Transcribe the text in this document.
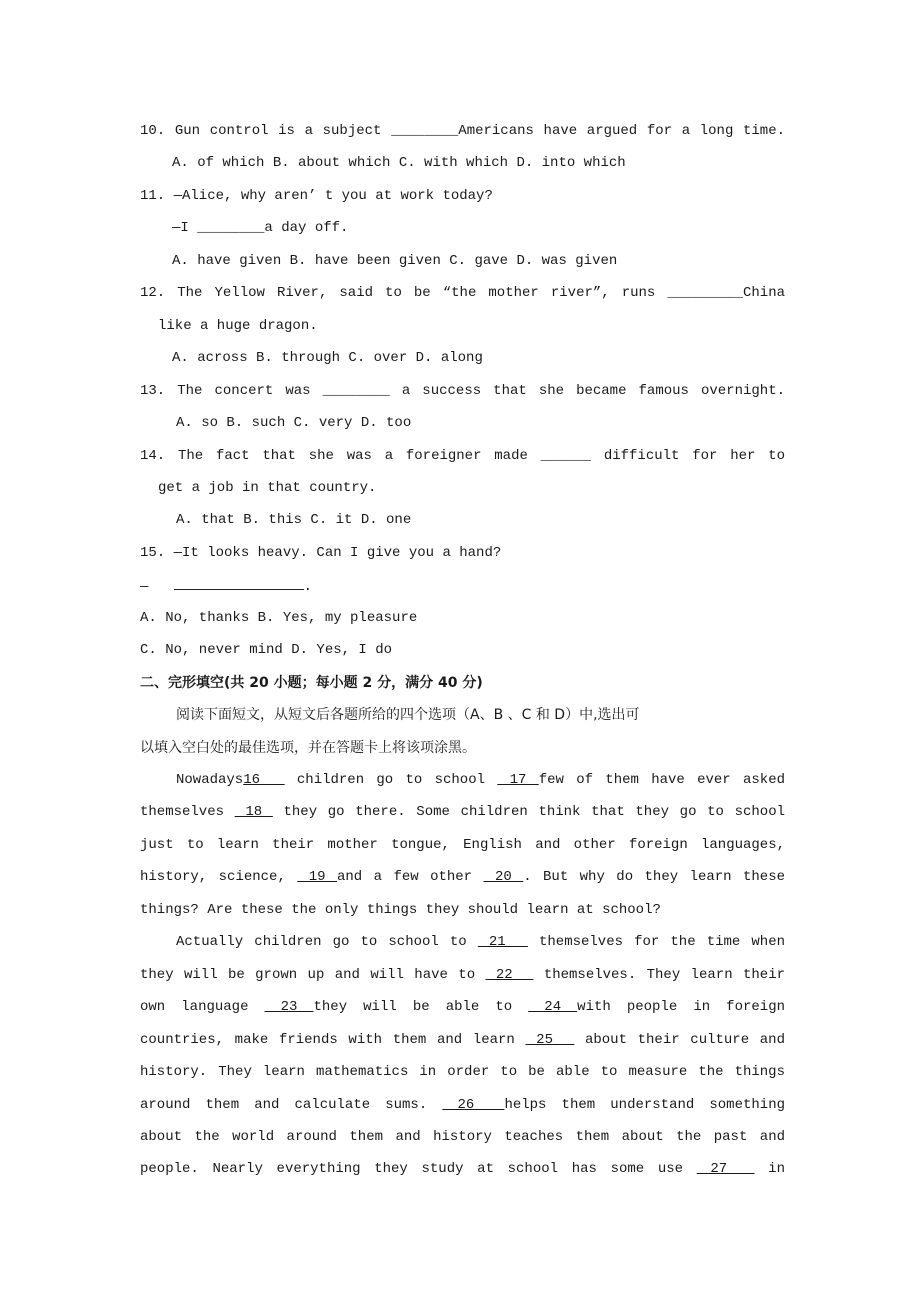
10. Gun control is a subject ________Americans have argued for a long time.
A. of which B. about which C. with which D. into which
11. —Alice, why aren’ t you at work today?
—I ________a day off.
A. have given B. have been given C. gave D. was given
12. The Yellow River, said to be “the mother river”, runs _________China
like a huge dragon.
A. across B. through C. over D. along
13. The concert was ________ a success that she became famous overnight.
A. so B. such C. very D. too
14. The fact that she was a foreigner made ______ difficult for her to
get a job in that country.
A. that B. this C. it D. one
15. —It looks heavy. Can I give you a hand?
—	.
A. No, thanks B. Yes, my pleasure
C. No, never mind D. Yes, I do
二、完形填空(共 20 小题；每小题 2 分，满分 40 分)
阅读下面短文，从短文后各题所给的四个选项（A、B 、C 和 D）中,选出可
以填入空白处的最佳选项，并在答题卡上将该项涂黑。
Nowadays16   children go to school  17 few of them have ever asked
themselves  18  they go there. Some children think that they go to school
just to learn their mother tongue, English and other foreign languages,
history, science,  19 and a few other  20 . But why do they learn these
things? Are these the only things they should learn at school?
Actually children go to school to  21   themselves for the time when
they will be grown up and will have to  22   themselves. They learn their
own language  23 they will be able to  24 with people in foreign
countries, make friends with them and learn  25   about their culture and
history. They learn mathematics in order to be able to measure the things
around them and calculate sums.  26  helps them understand something
about the world around them and history teaches them about the past and
people. Nearly everything they study at school has some use  27   in
